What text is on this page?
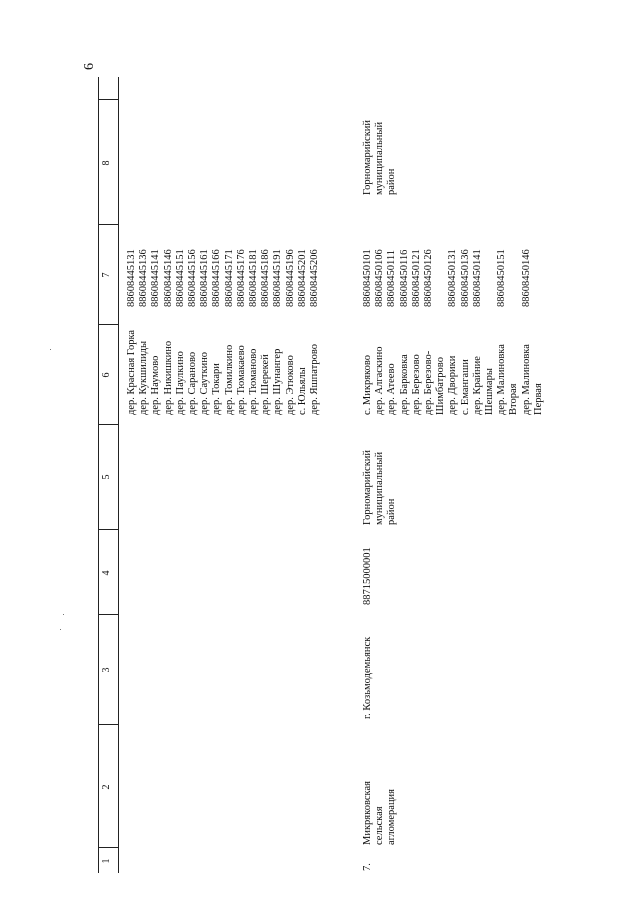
6
1
2
3
4
5
6
7
8
дер. Красная Горка дер. Кукшилиды дер. Наумово дер. Никишкино дер. Паулкино дер. Сараново дер. Сауткино дер. Токари дер. Томилкино дер. Тюмакаево дер. Тюманово дер. Шерекей дер. Шунангер дер. Этюково с. Юльялы дер. Яшпатрово
88608445131 88608445136 88608445141 88608445146 88608445151 88608445156 88608445161 88608445166 88608445171 88608445176 88608445181 88608445186 88608445191 88608445196 88608445201 88608445206
7.
Микряковская
сельская
агломерация
г. Козьмодемьянск
88715000001
Горномарийский
муниципальный
район
с. Микряково дер. Алгаскино дер. Атеево дер. Барковка дер. Березово дер. Березово- Шимбатрово дер. Дворики с. Емангаши дер. Крайние Шешмары дер. Малиновка Вторая дер. Малиновка Первая
88608450101 88608450106 88608450111 88608450116 88608450121 88608450126
88608450131 88608450136 88608450141
88608450151
88608450146

Горномарийский
муниципальный
район
